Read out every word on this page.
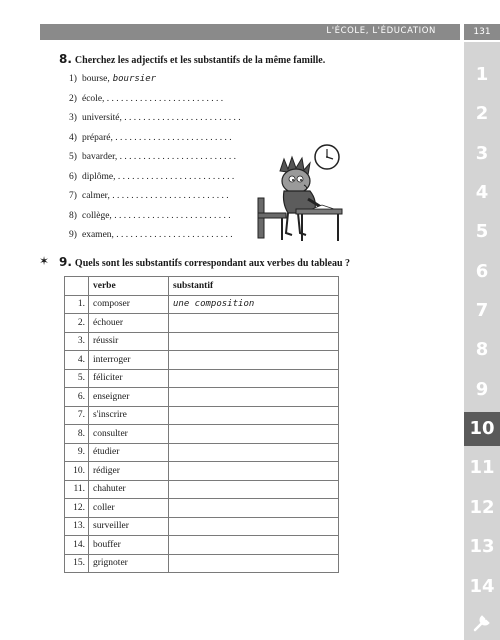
L'ÉCOLE, L'ÉDUCATION	131
1
2
3
4
5
6
7
8
9
10
11
12
13
14
8. Cherchez les adjectifs et les substantifs de la même famille.
1) bourse, boursier
2) école, . . . . . . . . . . . . . . . . . . . . . . . . .
3) université, . . . . . . . . . . . . . . . . . . . . . . . . .
4) préparé, . . . . . . . . . . . . . . . . . . . . . . . . .
5) bavarder, . . . . . . . . . . . . . . . . . . . . . . . . .
6) diplôme, . . . . . . . . . . . . . . . . . . . . . . . . .
7) calmer, . . . . . . . . . . . . . . . . . . . . . . . . .
8) collège, . . . . . . . . . . . . . . . . . . . . . . . . .
9) examen, . . . . . . . . . . . . . . . . . . . . . . . . .
✶ 9. Quels sont les substantifs correspondant aux verbes du tableau ?
	verbe	substantif
1.	composer	une composition
2.	échouer	
3.	réussir	
4.	interroger	
5.	féliciter	
6.	enseigner	
7.	s'inscrire	
8.	consulter	
9.	étudier	
10.	rédiger	
11.	chahuter	
12.	coller	
13.	surveiller	
14.	bouffer	
15.	grignoter	
